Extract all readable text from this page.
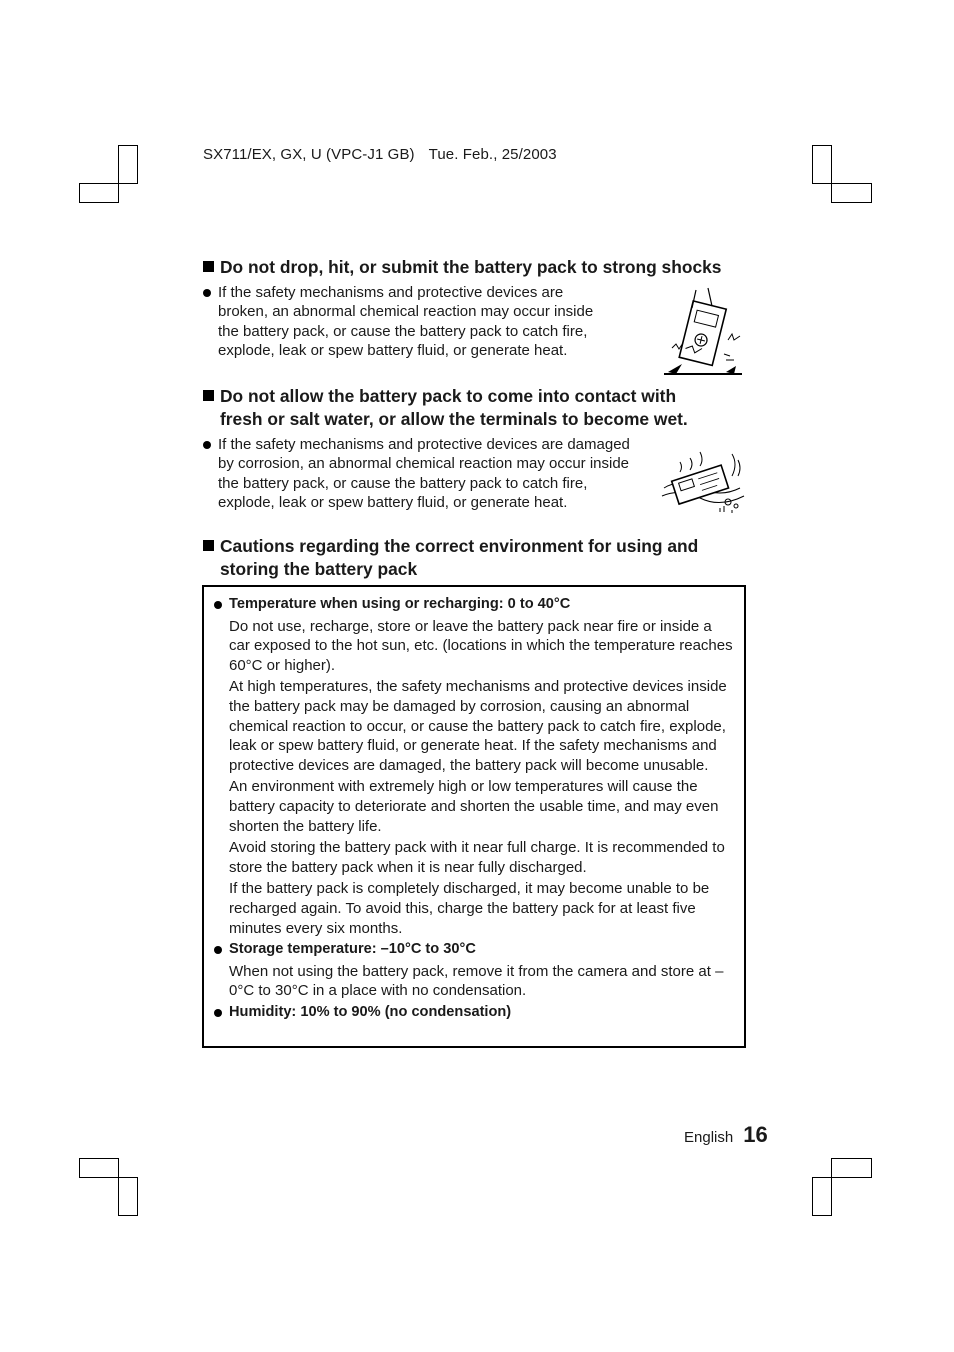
SX711/EX, GX, U (VPC-J1 GB) Tue. Feb., 25/2003
Do not drop, hit, or submit the battery pack to strong shocks
If the safety mechanisms and protective devices are broken, an abnormal chemical reaction may occur inside the battery pack, or cause the battery pack to catch fire, explode, leak or spew battery fluid, or generate heat.
Do not allow the battery pack to come into contact with
fresh or salt water, or allow the terminals to become wet.
If the safety mechanisms and protective devices are damaged by corrosion, an abnormal chemical reaction may occur inside the battery pack, or cause the battery pack to catch fire, explode, leak or spew battery fluid, or generate heat.
Cautions regarding the correct environment for using and
storing the battery pack

Temperature when using or recharging: 0 to 40°C

Do not use, recharge, store or leave the battery pack near fire or inside a car exposed to the hot sun, etc. (locations in which the temperature reaches 60°C or higher).

At high temperatures, the safety mechanisms and protective devices inside the battery pack may be damaged by corrosion, causing an abnormal chemical reaction to occur, or cause the battery pack to catch fire, explode, leak or spew battery fluid, or generate heat. If the safety mechanisms and protective devices are damaged, the battery pack will become unusable.

An environment with extremely high or low temperatures will cause the battery capacity to deteriorate and shorten the usable time, and may even shorten the battery life.

Avoid storing the battery pack with it near full charge. It is recommended to store the battery pack when it is near fully discharged.

If the battery pack is completely discharged, it may become unable to be recharged again. To avoid this, charge the battery pack for at least five minutes every six months.

Storage temperature: –10°C to 30°C

When not using the battery pack, remove it from the camera and store at –0°C to 30°C in a place with no condensation.

Humidity: 10% to 90% (no condensation)

English 16
